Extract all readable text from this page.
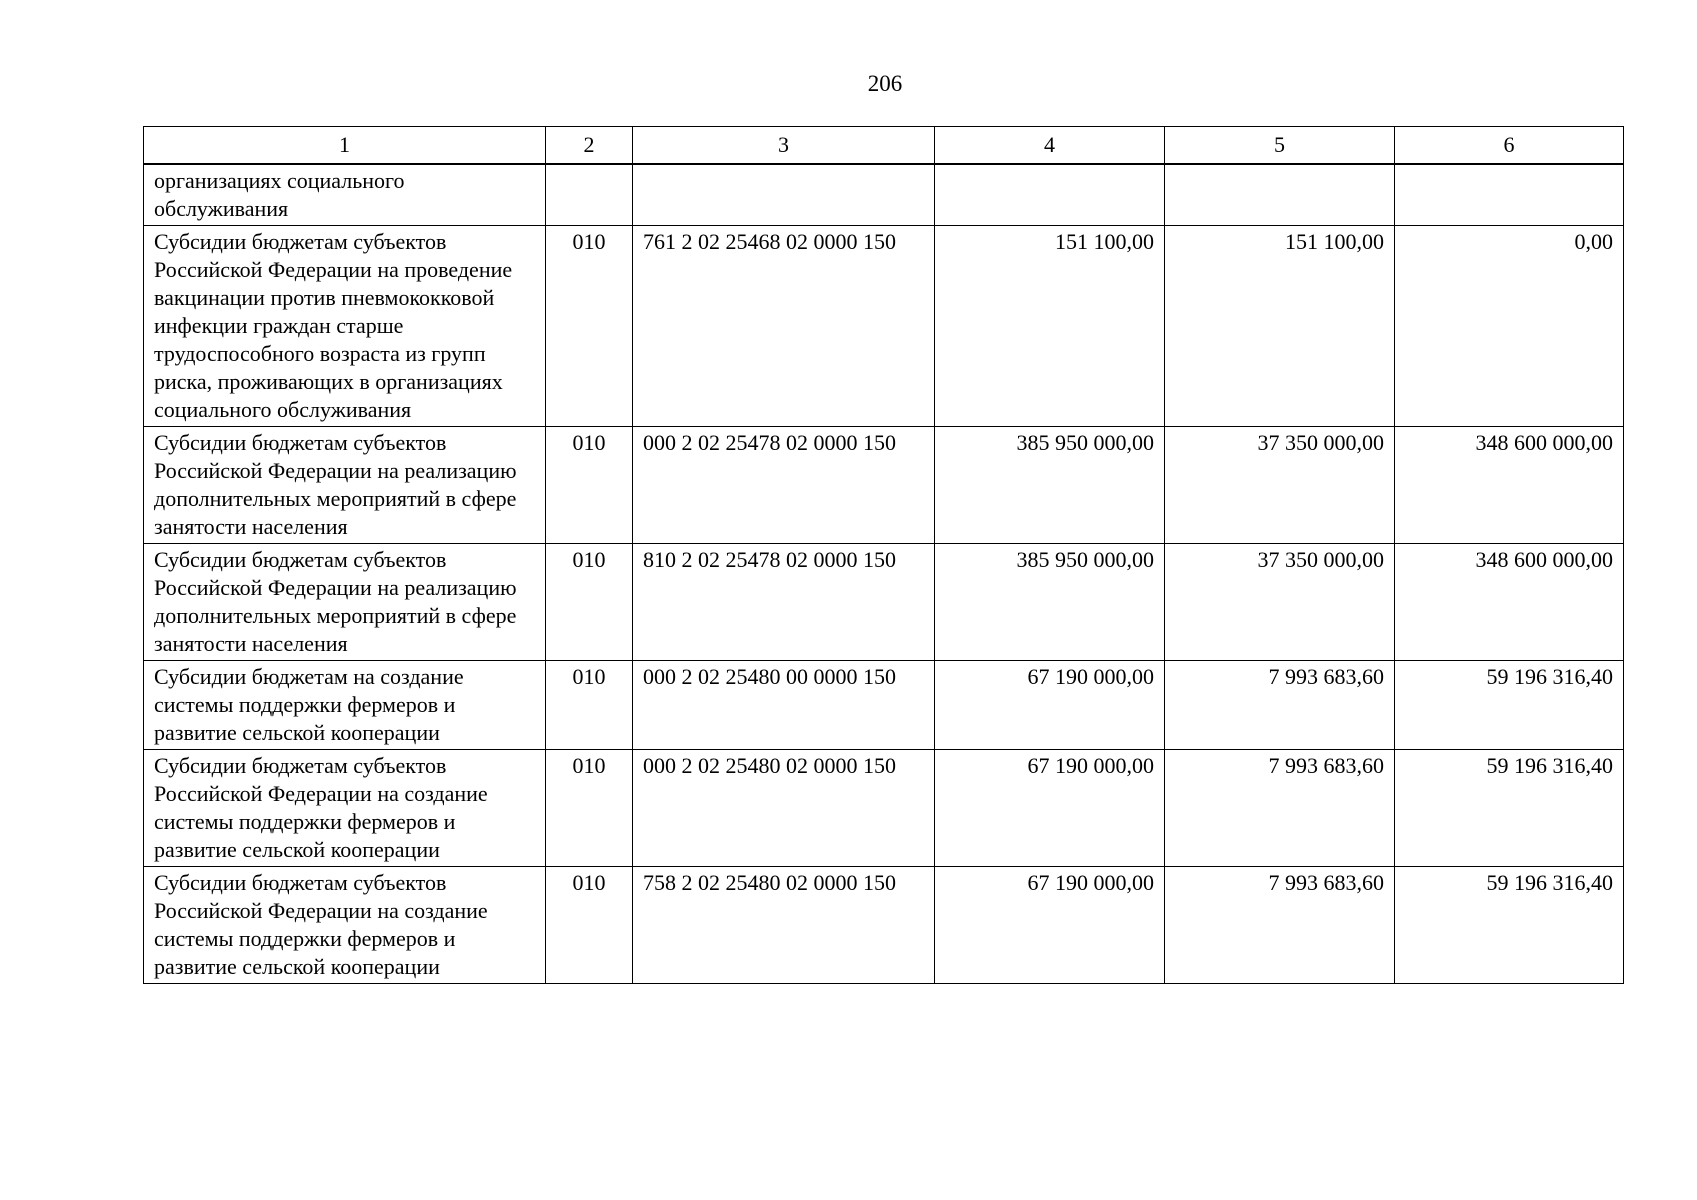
206
1	2	3	4	5	6
организациях социального обслуживания					
Субсидии бюджетам субъектов Российской Федерации на проведение вакцинации против пневмококковой инфекции граждан старше трудоспособного возраста из групп риска, проживающих в организациях социального обслуживания	010	761 2 02 25468 02 0000 150	151 100,00	151 100,00	0,00
Субсидии бюджетам субъектов Российской Федерации на реализацию дополнительных мероприятий в сфере занятости населения	010	000 2 02 25478 02 0000 150	385 950 000,00	37 350 000,00	348 600 000,00
Субсидии бюджетам субъектов Российской Федерации на реализацию дополнительных мероприятий в сфере занятости населения	010	810 2 02 25478 02 0000 150	385 950 000,00	37 350 000,00	348 600 000,00
Субсидии бюджетам на создание системы поддержки фермеров и развитие сельской кооперации	010	000 2 02 25480 00 0000 150	67 190 000,00	7 993 683,60	59 196 316,40
Субсидии бюджетам субъектов Российской Федерации на создание системы поддержки фермеров и развитие сельской кооперации	010	000 2 02 25480 02 0000 150	67 190 000,00	7 993 683,60	59 196 316,40
Субсидии бюджетам субъектов Российской Федерации на создание системы поддержки фермеров и развитие сельской кооперации	010	758 2 02 25480 02 0000 150	67 190 000,00	7 993 683,60	59 196 316,40
